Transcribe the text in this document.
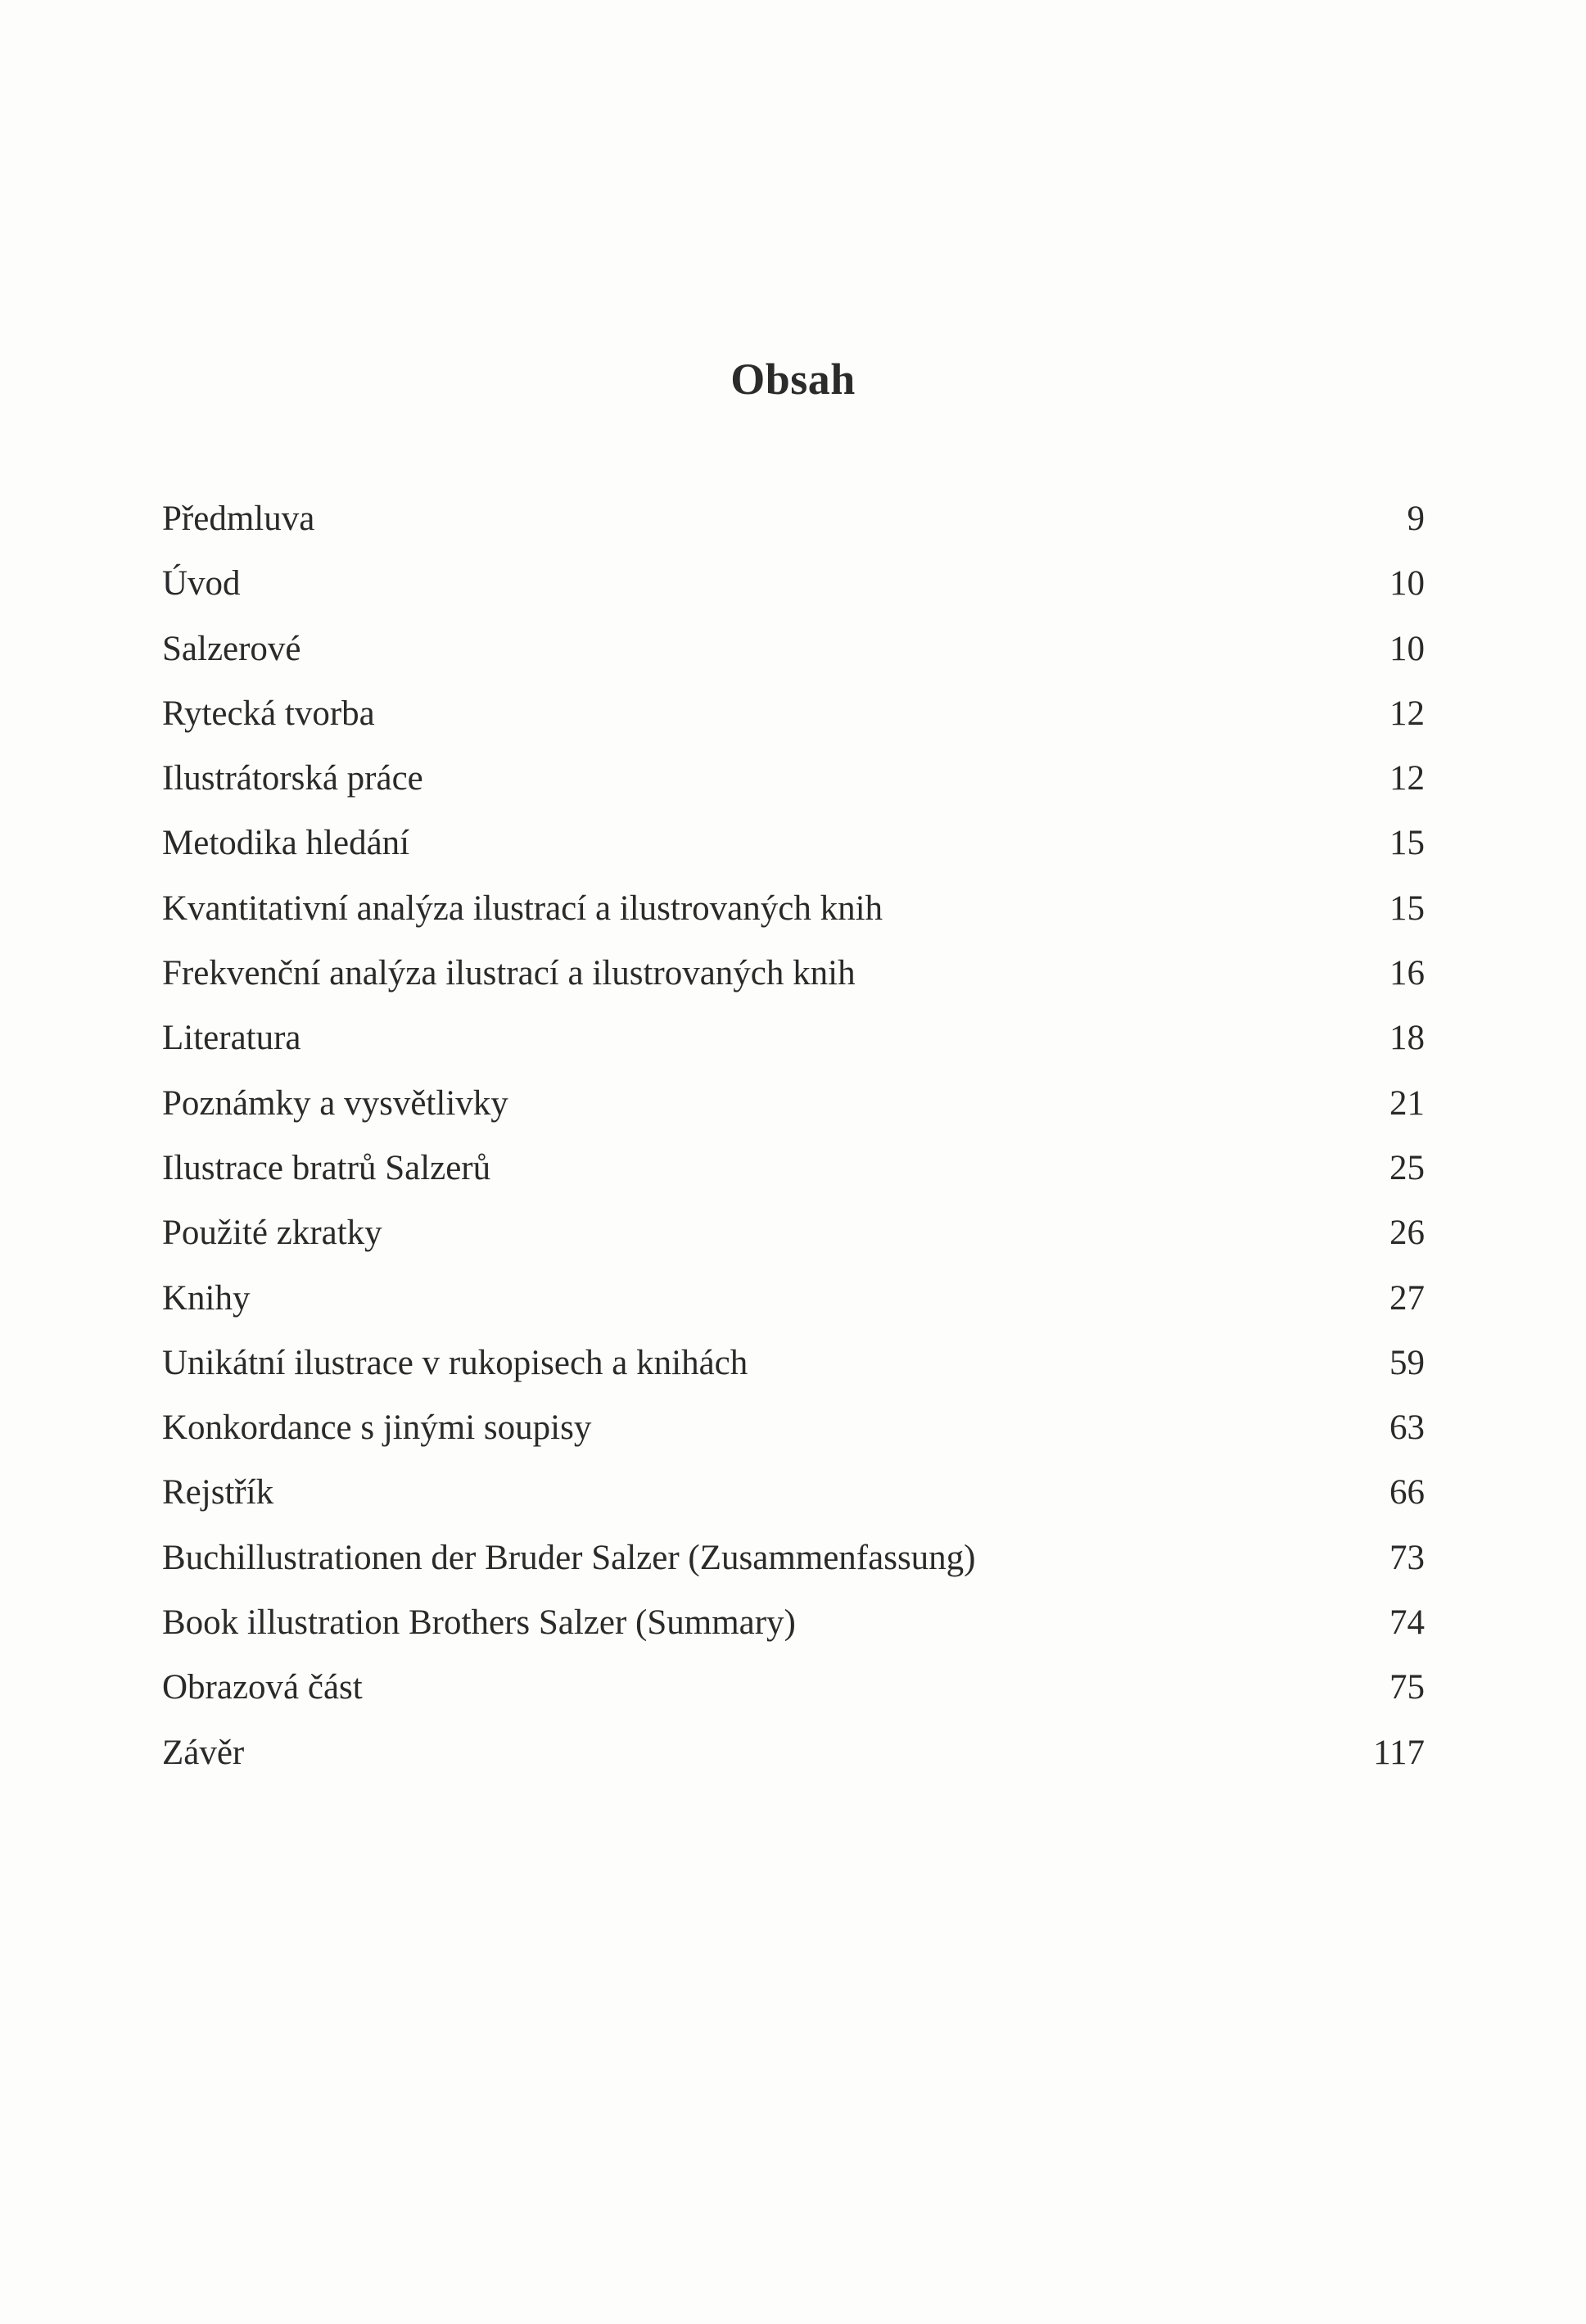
Obsah
Předmluva	9
Úvod	10
Salzerové	10
Rytecká tvorba	12
Ilustrátorská práce	12
Metodika hledání	15
Kvantitativní analýza ilustrací a ilustrovaných knih	15
Frekvenční analýza ilustrací a ilustrovaných knih	16
Literatura	18
Poznámky a vysvětlivky	21
Ilustrace bratrů Salzerů	25
Použité zkratky	26
Knihy	27
Unikátní ilustrace v rukopisech a knihách	59
Konkordance s jinými soupisy	63
Rejstřík	66
Buchillustrationen der Bruder Salzer (Zusammenfassung)	73
Book illustration Brothers Salzer (Summary)	74
Obrazová část	75
Závěr	117
